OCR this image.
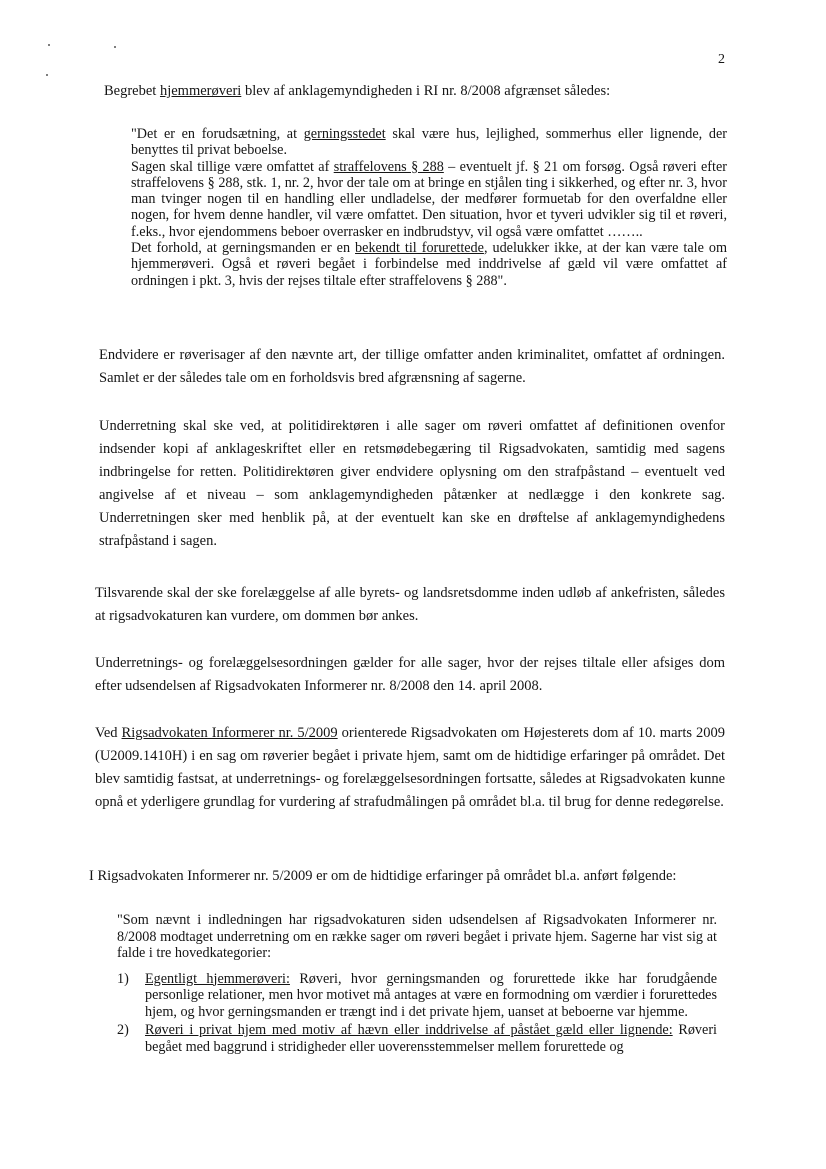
2

Begrebet hjemmerøveri blev af anklagemyndigheden i RI nr. 8/2008 afgrænset således:

"Det er en forudsætning, at gerningsstedet skal være hus, lejlighed, sommerhus eller lignende, der benyttes til privat beboelse.

Sagen skal tillige være omfattet af straffelovens § 288 – eventuelt jf. § 21 om forsøg. Også røveri efter straffelovens § 288, stk. 1, nr. 2, hvor der tale om at bringe en stjålen ting i sikkerhed, og efter nr. 3, hvor man tvinger nogen til en handling eller undladelse, der medfører formuetab for den overfaldne eller nogen, for hvem denne handler, vil være omfattet. Den situation, hvor et tyveri udvikler sig til et røveri, f.eks., hvor ejendommens beboer overrasker en indbrudstyv, vil også være omfattet ……..

Det forhold, at gerningsmanden er en bekendt til forurettede, udelukker ikke, at der kan være tale om hjemmerøveri. Også et røveri begået i forbindelse med inddrivelse af gæld vil være omfattet af ordningen i pkt. 3, hvis der rejses tiltale efter straffelovens § 288".

Endvidere er røverisager af den nævnte art, der tillige omfatter anden kriminalitet, omfattet af ordningen. Samlet er der således tale om en forholdsvis bred afgrænsning af sagerne.

Underretning skal ske ved, at politidirektøren i alle sager om røveri omfattet af definitionen ovenfor indsender kopi af anklageskriftet eller en retsmødebegæring til Rigsadvokaten, samtidig med sagens indbringelse for retten. Politidirektøren giver endvidere oplysning om den strafpåstand – eventuelt ved angivelse af et niveau – som anklagemyndigheden påtænker at nedlægge i den konkrete sag. Underretningen sker med henblik på, at der eventuelt kan ske en drøftelse af anklagemyndighedens strafpåstand i sagen.

Tilsvarende skal der ske forelæggelse af alle byrets- og landsretsdomme inden udløb af ankefristen, således at rigsadvokaturen kan vurdere, om dommen bør ankes.

Underretnings- og forelæggelsesordningen gælder for alle sager, hvor der rejses tiltale eller afsiges dom efter udsendelsen af Rigsadvokaten Informerer nr. 8/2008 den 14. april 2008.

Ved Rigsadvokaten Informerer nr. 5/2009 orienterede Rigsadvokaten om Højesterets dom af 10. marts 2009 (U2009.1410H) i en sag om røverier begået i private hjem, samt om de hidtidige erfaringer på området. Det blev samtidig fastsat, at underretnings- og forelæggelsesordningen fortsatte, således at Rigsadvokaten kunne opnå et yderligere grundlag for vurdering af strafudmålingen på området bl.a. til brug for denne redegørelse.

I Rigsadvokaten Informerer nr. 5/2009 er om de hidtidige erfaringer på området bl.a. anført følgende:

"Som nævnt i indledningen har rigsadvokaturen siden udsendelsen af Rigsadvokaten Informerer nr. 8/2008 modtaget underretning om en række sager om røveri begået i private hjem. Sagerne har vist sig at falde i tre hovedkategorier:

1) Egentligt hjemmerøveri: Røveri, hvor gerningsmanden og forurettede ikke har forudgående personlige relationer, men hvor motivet må antages at være en formodning om værdier i forurettedes hjem, og hvor gerningsmanden er trængt ind i det private hjem, uanset at beboerne var hjemme.
2) Røveri i privat hjem med motiv af hævn eller inddrivelse af påstået gæld eller lignende: Røveri begået med baggrund i stridigheder eller uoverensstemmelser mellem forurettede og
